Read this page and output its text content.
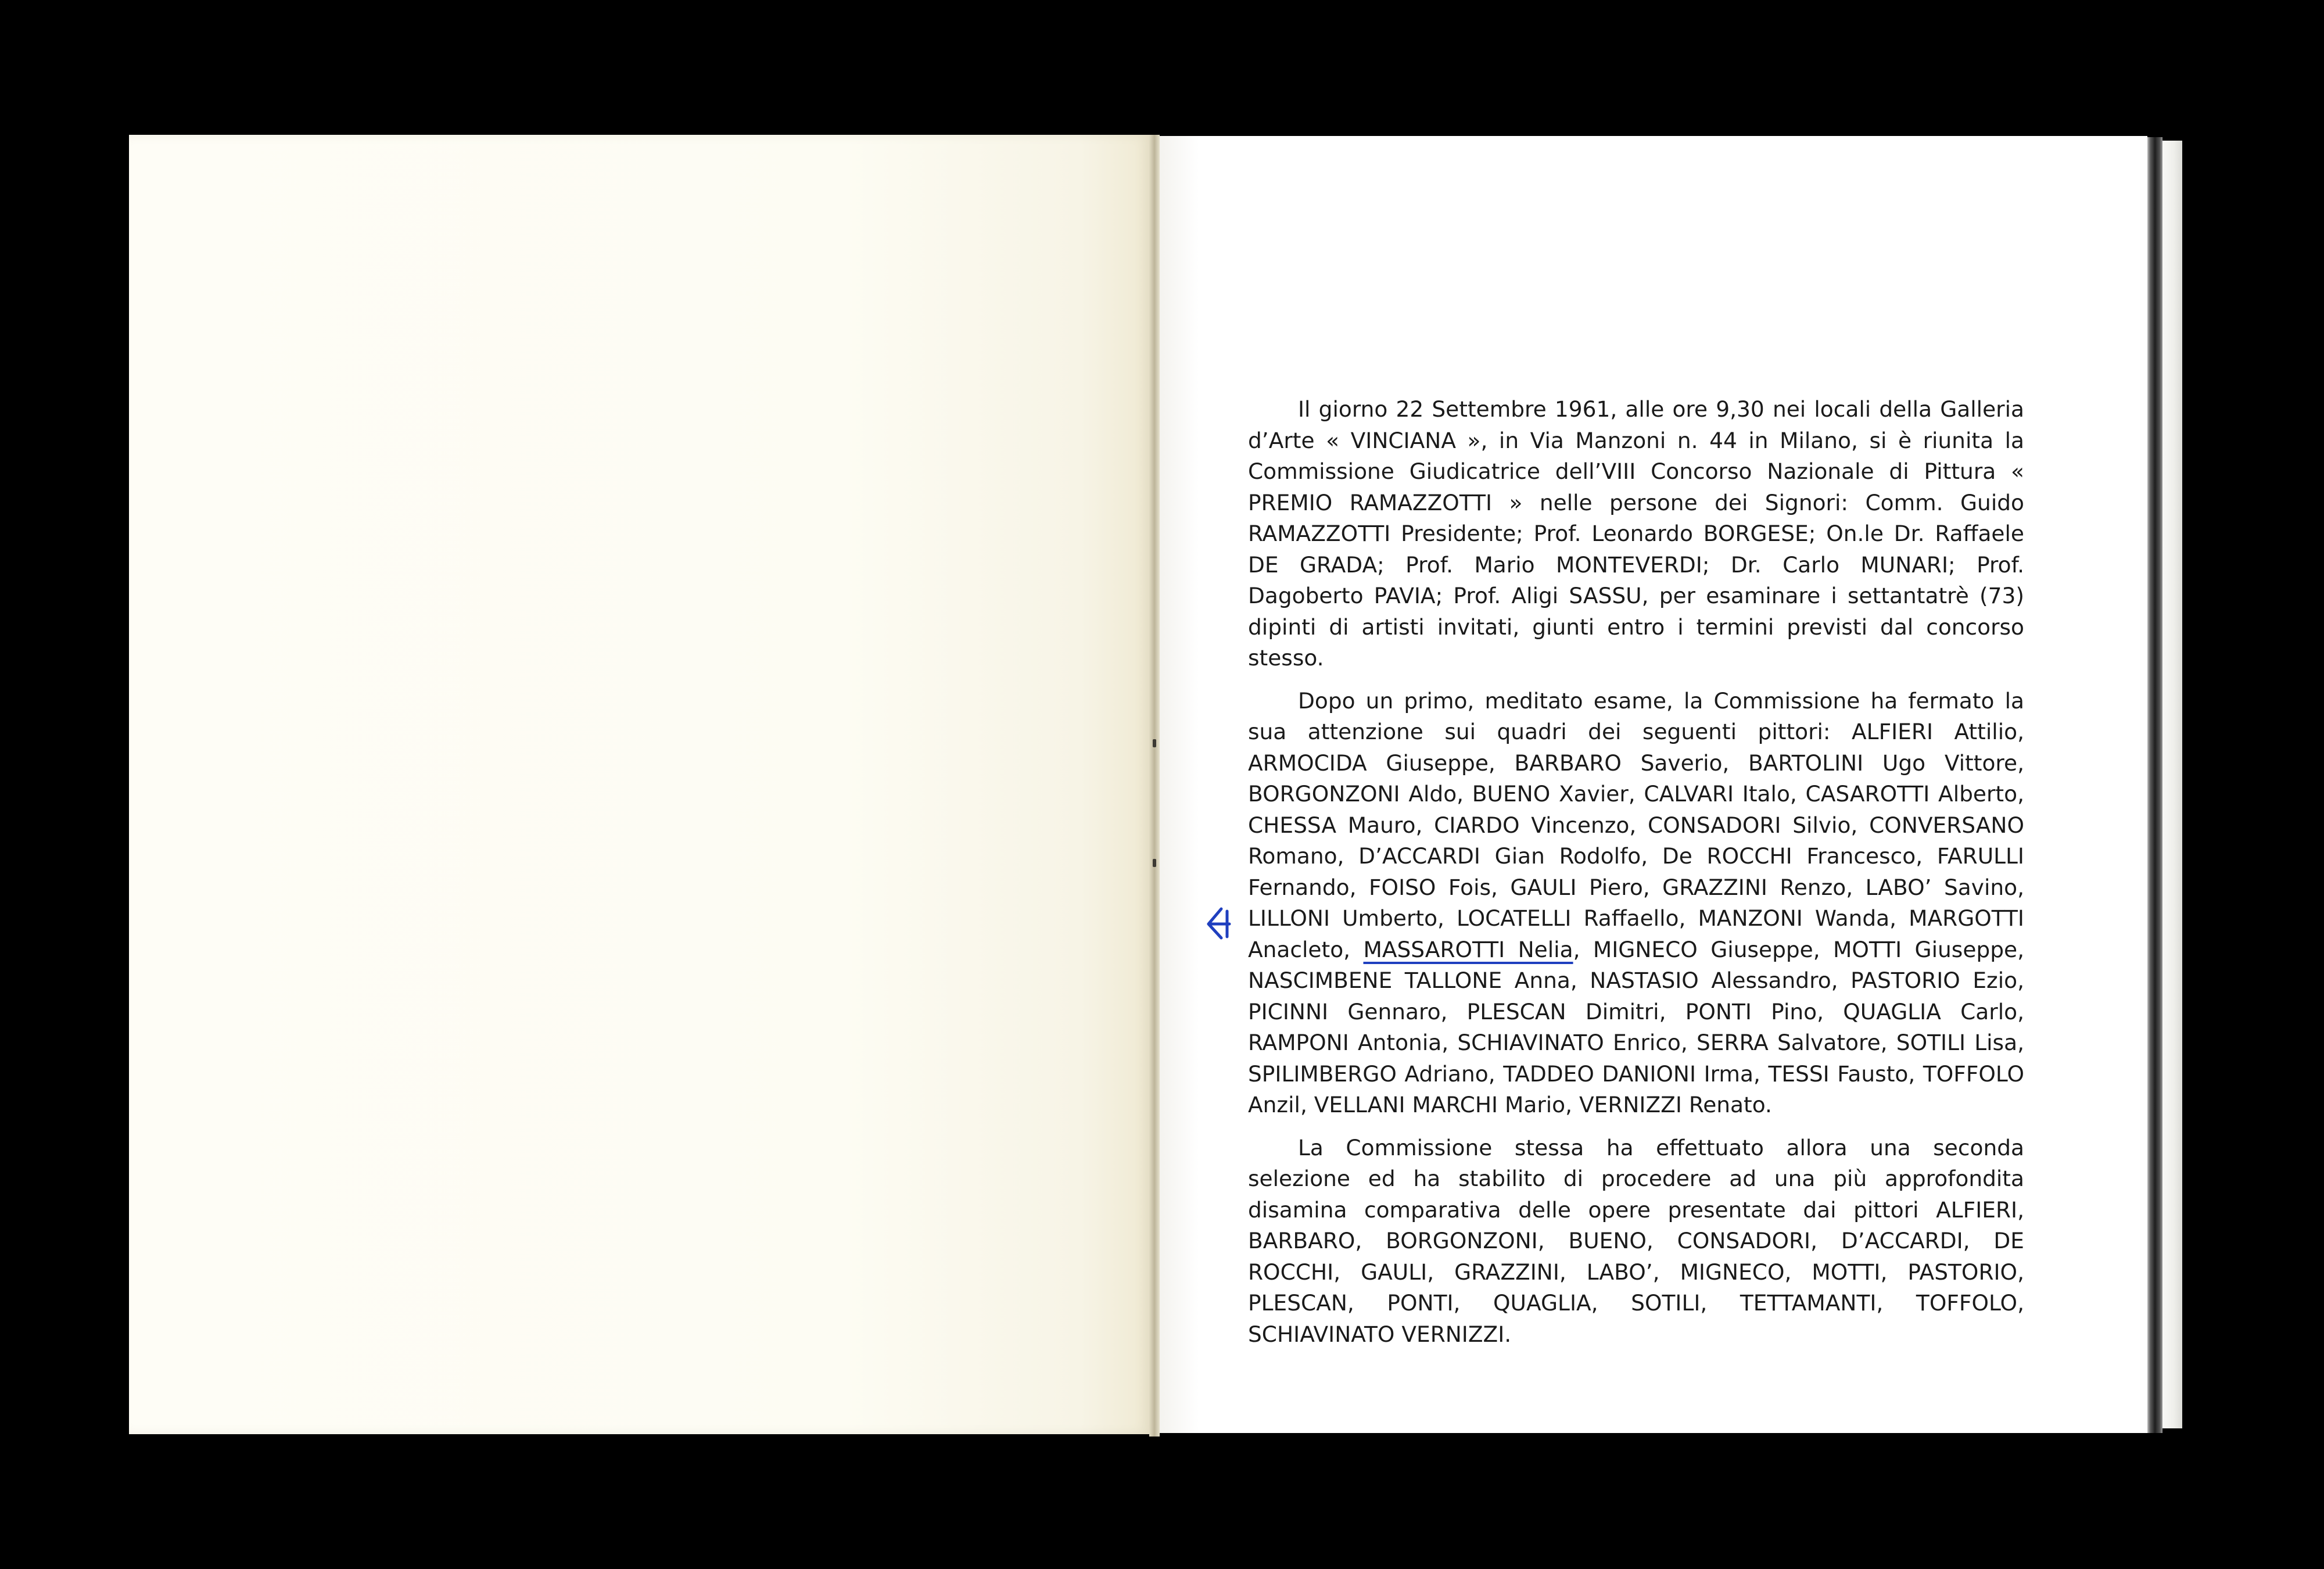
Il giorno 22 Settembre 1961, alle ore 9,30 nei locali della Galleria d’Arte « VINCIANA », in Via Manzoni n. 44 in Milano, si è riunita la Commissione Giudicatrice dell’VIII Concorso Nazionale di Pittura « PREMIO RAMAZZOTTI » nelle persone dei Signori: Comm. Guido RAMAZZOTTI Presidente; Prof. Leonardo BORGESE; On.le Dr. Raffaele DE GRADA; Prof. Mario MONTEVERDI; Dr. Carlo MUNARI; Prof. Dagoberto PAVIA; Prof. Aligi SASSU, per esaminare i settantatrè (73) dipinti di artisti invitati, giunti entro i termini previsti dal concorso stesso.

Dopo un primo, meditato esame, la Commissione ha fermato la sua attenzione sui quadri dei seguenti pittori: ALFIERI Attilio, ARMOCIDA Giuseppe, BARBARO Saverio, BARTOLINI Ugo Vittore, BORGONZONI Aldo, BUENO Xavier, CALVARI Italo, CASAROTTI Alberto, CHESSA Mauro, CIARDO Vincenzo, CONSADORI Silvio, CONVERSANO Romano, D’ACCARDI Gian Rodolfo, De ROCCHI Francesco, FARULLI Fernando, FOISO Fois, GAULI Piero, GRAZZINI Renzo, LABO’ Savino, LILLONI Umberto, LOCATELLI Raffaello, MANZONI Wanda, MARGOTTI Anacleto, MASSAROTTI Nelia, MIGNECO Giuseppe, MOTTI Giuseppe, NASCIMBENE TALLONE Anna, NASTASIO Alessandro, PASTORIO Ezio, PICINNI Gennaro, PLESCAN Dimitri, PONTI Pino, QUAGLIA Carlo, RAMPONI Antonia, SCHIAVINATO Enrico, SERRA Salvatore, SOTILI Lisa, SPILIMBERGO Adriano, TADDEO DANIONI Irma, TESSI Fausto, TOFFOLO Anzil, VELLANI MARCHI Mario, VERNIZZI Renato.

La Commissione stessa ha effettuato allora una seconda selezione ed ha stabilito di procedere ad una più approfondita disamina comparativa delle opere presentate dai pittori ALFIERI, BARBARO, BORGONZONI, BUENO, CONSADORI, D’ACCARDI, DE ROCCHI, GAULI, GRAZZINI, LABO’, MIGNECO, MOTTI, PASTORIO, PLESCAN, PONTI, QUAGLIA, SOTILI, TETTAMANTI, TOFFOLO, SCHIAVINATO VERNIZZI.
